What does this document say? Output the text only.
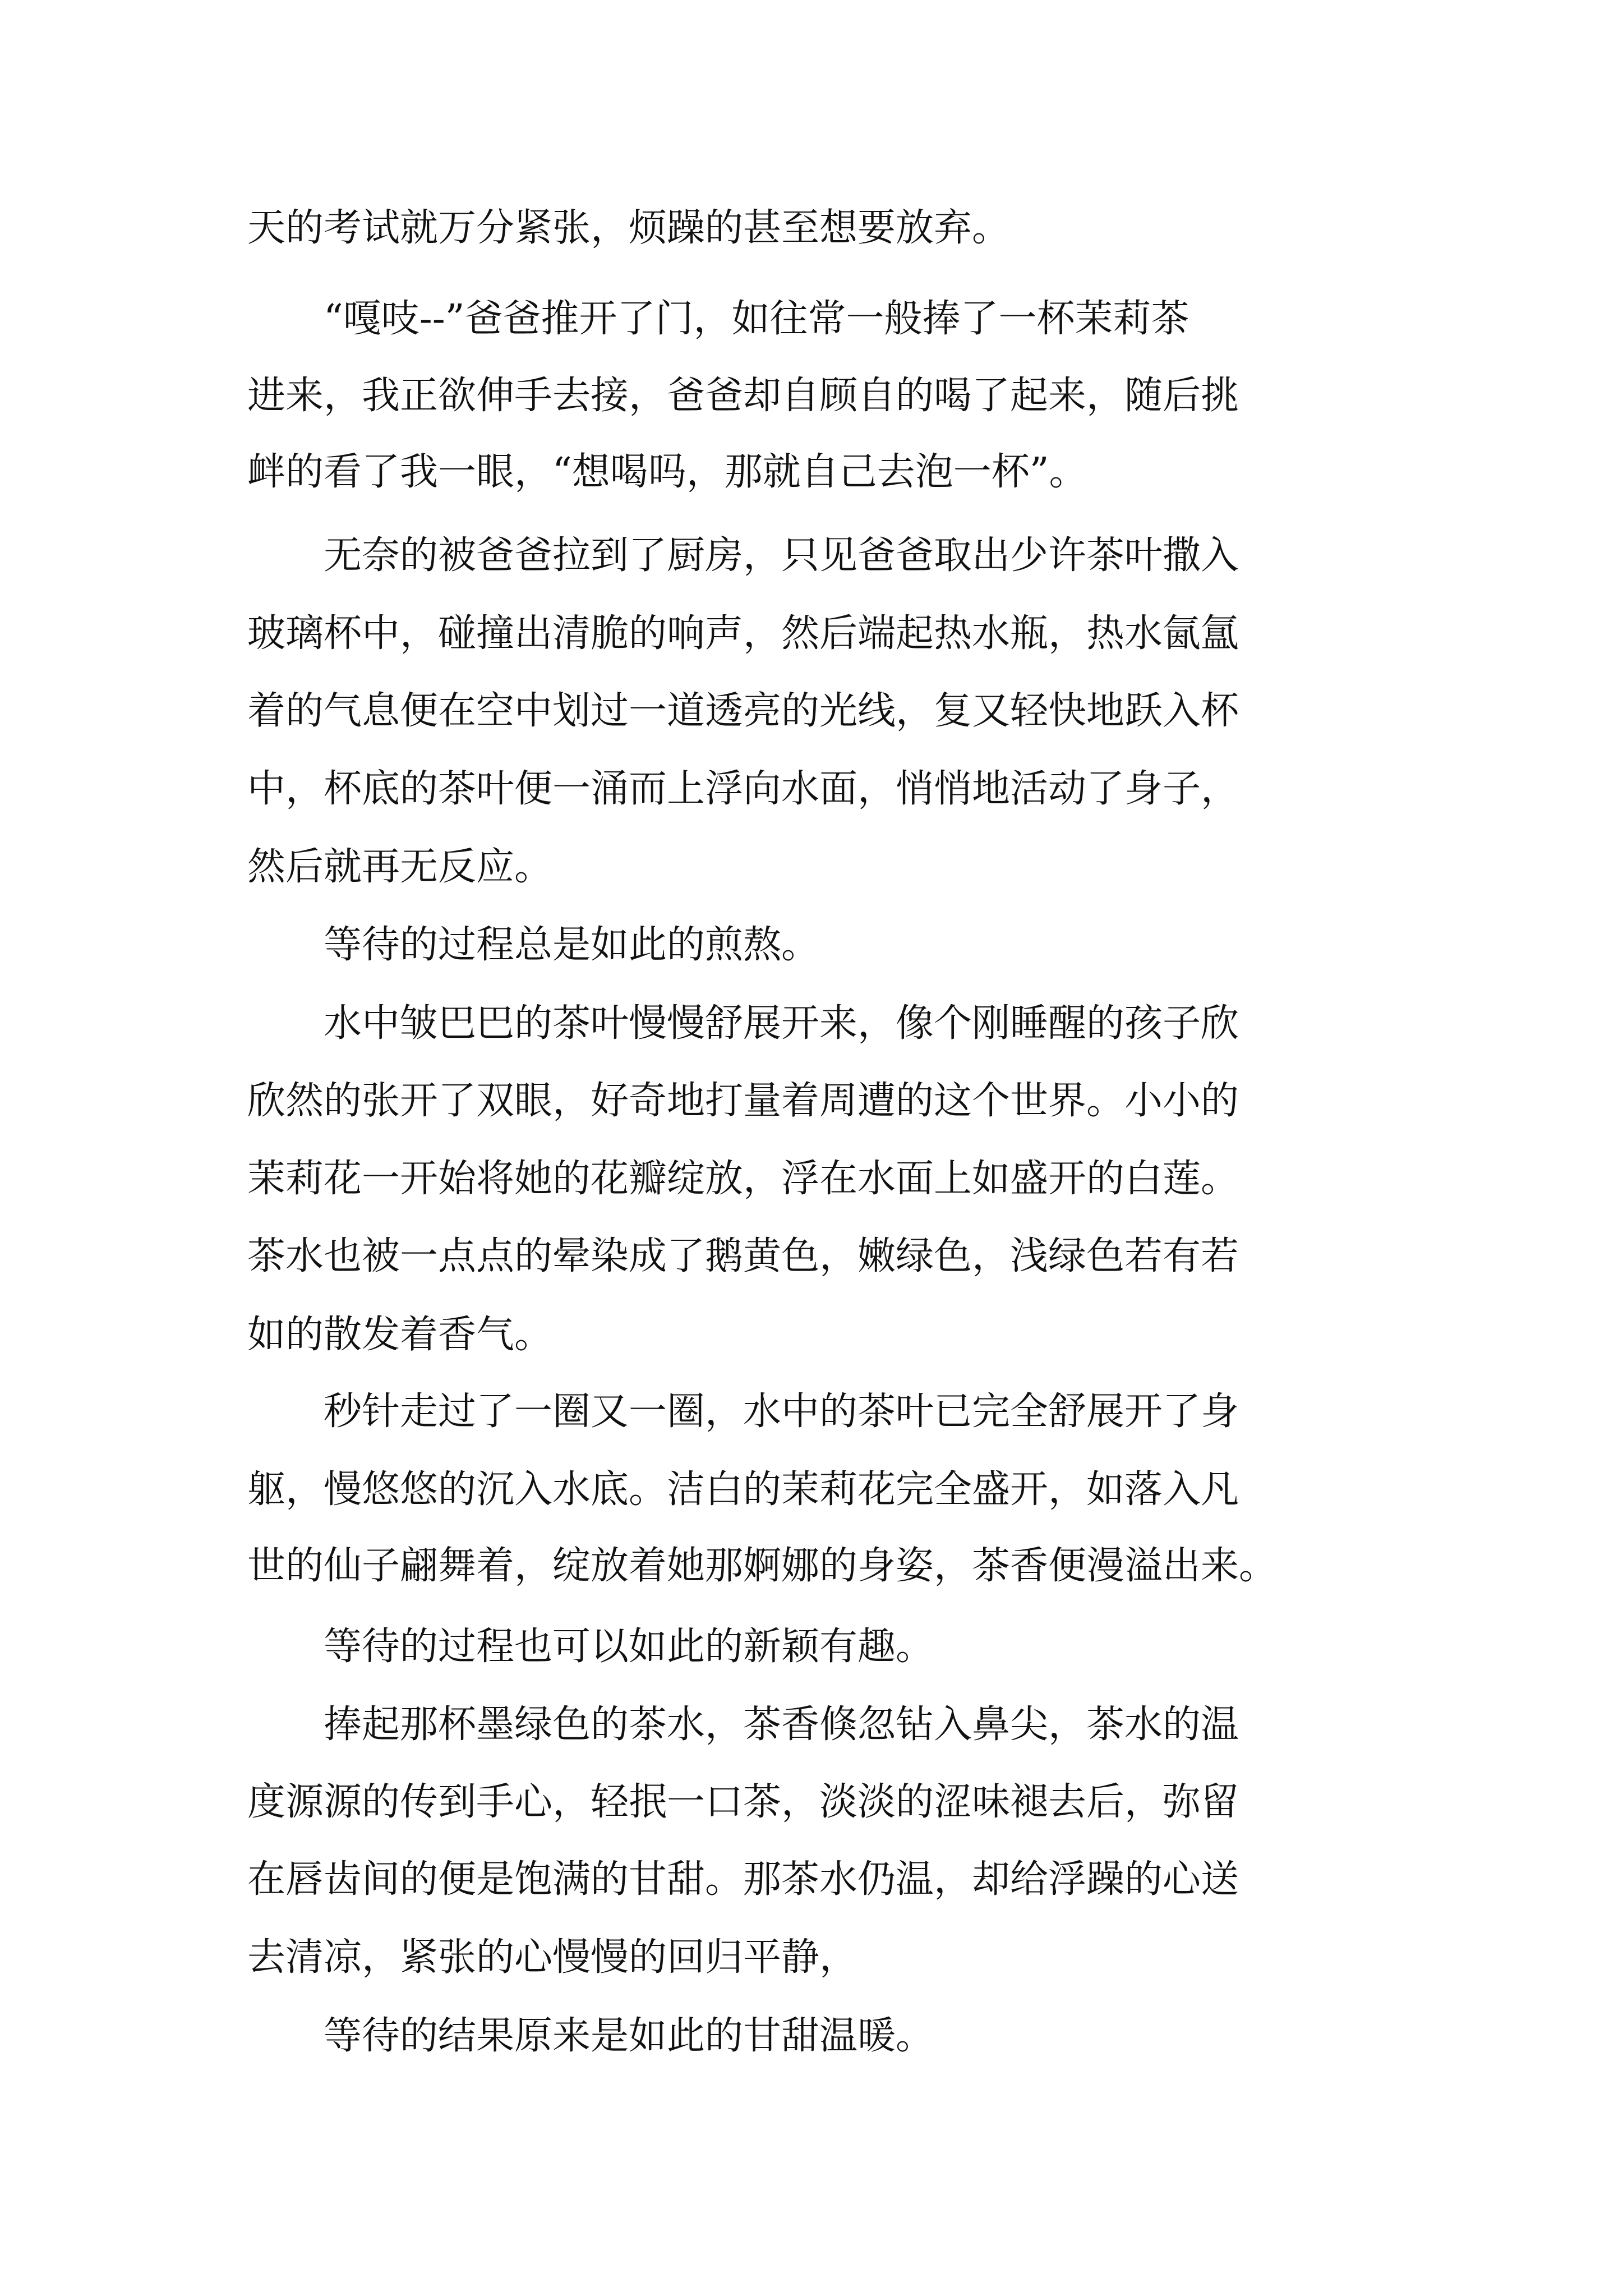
天的考试就万分紧张，烦躁的甚至想要放弃。
　　“嘎吱--”爸爸推开了门，如往常一般捧了一杯茉莉茶
进来，我正欲伸手去接，爸爸却自顾自的喝了起来，随后挑
衅的看了我一眼，“想喝吗，那就自己去泡一杯”。
　　无奈的被爸爸拉到了厨房，只见爸爸取出少许茶叶撒入
玻璃杯中，碰撞出清脆的响声，然后端起热水瓶，热水氤氲
着的气息便在空中划过一道透亮的光线，复又轻快地跃入杯
中，杯底的茶叶便一涌而上浮向水面，悄悄地活动了身子，
然后就再无反应。
　　等待的过程总是如此的煎熬。
　　水中皱巴巴的茶叶慢慢舒展开来，像个刚睡醒的孩子欣
欣然的张开了双眼，好奇地打量着周遭的这个世界。小小的
茉莉花一开始将她的花瓣绽放，浮在水面上如盛开的白莲。
茶水也被一点点的晕染成了鹅黄色，嫩绿色，浅绿色若有若
如的散发着香气。
　　秒针走过了一圈又一圈，水中的茶叶已完全舒展开了身
躯，慢悠悠的沉入水底。洁白的茉莉花完全盛开，如落入凡
世的仙子翩舞着，绽放着她那婀娜的身姿，茶香便漫溢出来。
　　等待的过程也可以如此的新颖有趣。
　　捧起那杯墨绿色的茶水，茶香倏忽钻入鼻尖，茶水的温
度源源的传到手心，轻抿一口茶，淡淡的涩味褪去后，弥留
在唇齿间的便是饱满的甘甜。那茶水仍温，却给浮躁的心送
去清凉，紧张的心慢慢的回归平静，
　　等待的结果原来是如此的甘甜温暖。
